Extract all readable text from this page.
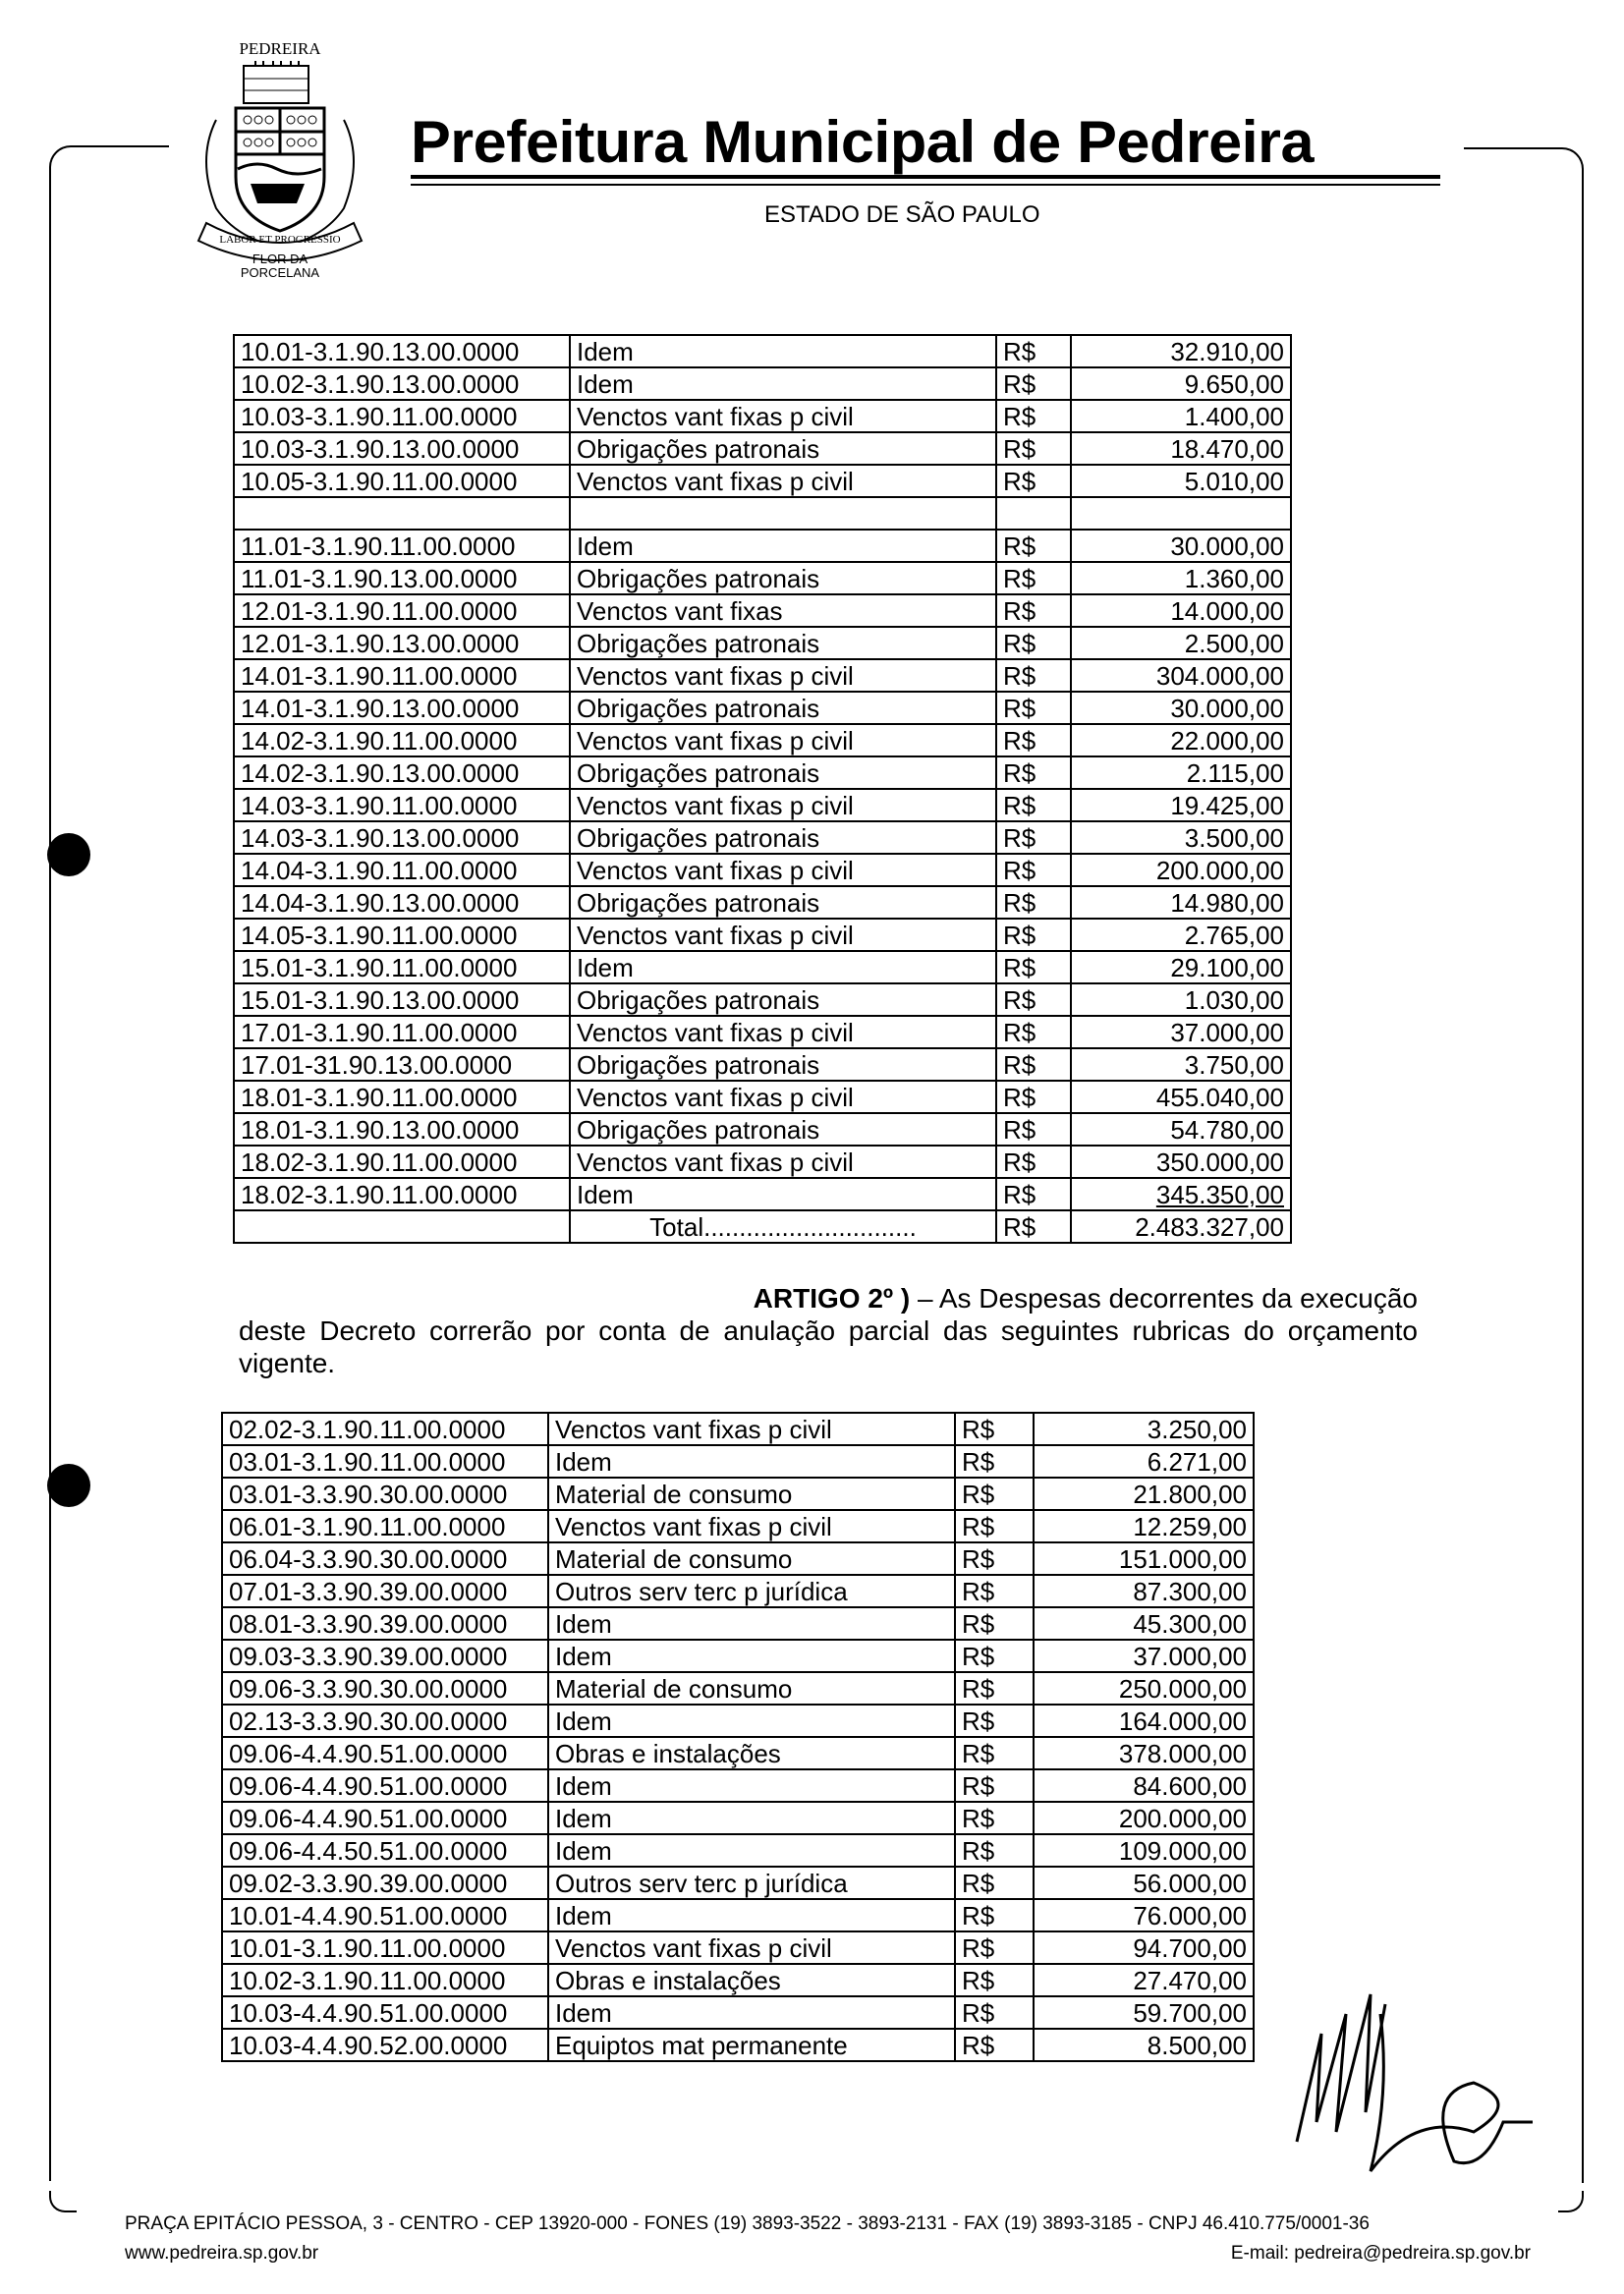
PEDREIRA
LABOR ET PROGRESSIO
FLOR DA
PORCELANA
Prefeitura Municipal de Pedreira
ESTADO DE SÃO PAULO
10.01-3.1.90.13.00.0000	Idem	R$	32.910,00
10.02-3.1.90.13.00.0000	Idem	R$	9.650,00
10.03-3.1.90.11.00.0000	Venctos vant fixas p civil	R$	1.400,00
10.03-3.1.90.13.00.0000	Obrigações patronais	R$	18.470,00
10.05-3.1.90.11.00.0000	Venctos vant fixas p civil	R$	5.010,00

11.01-3.1.90.11.00.0000	Idem	R$	30.000,00
11.01-3.1.90.13.00.0000	Obrigações patronais	R$	1.360,00
12.01-3.1.90.11.00.0000	Venctos vant fixas	R$	14.000,00
12.01-3.1.90.13.00.0000	Obrigações patronais	R$	2.500,00
14.01-3.1.90.11.00.0000	Venctos vant fixas p civil	R$	304.000,00
14.01-3.1.90.13.00.0000	Obrigações patronais	R$	30.000,00
14.02-3.1.90.11.00.0000	Venctos vant fixas p civil	R$	22.000,00
14.02-3.1.90.13.00.0000	Obrigações patronais	R$	2.115,00
14.03-3.1.90.11.00.0000	Venctos vant fixas p civil	R$	19.425,00
14.03-3.1.90.13.00.0000	Obrigações patronais	R$	3.500,00
14.04-3.1.90.11.00.0000	Venctos vant fixas p civil	R$	200.000,00
14.04-3.1.90.13.00.0000	Obrigações patronais	R$	14.980,00
14.05-3.1.90.11.00.0000	Venctos vant fixas p civil	R$	2.765,00
15.01-3.1.90.11.00.0000	Idem	R$	29.100,00
15.01-3.1.90.13.00.0000	Obrigações patronais	R$	1.030,00
17.01-3.1.90.11.00.0000	Venctos vant fixas p civil	R$	37.000,00
17.01-31.90.13.00.0000	Obrigações patronais	R$	3.750,00
18.01-3.1.90.11.00.0000	Venctos vant fixas p civil	R$	455.040,00
18.01-3.1.90.13.00.0000	Obrigações patronais	R$	54.780,00
18.02-3.1.90.11.00.0000	Venctos vant fixas p civil	R$	350.000,00
18.02-3.1.90.11.00.0000	Idem	R$	345.350,00
	Total..............................	R$	2.483.327,00
ARTIGO 2º ) – As Despesas decorrentes da execução
deste Decreto correrão por conta de anulação parcial das seguintes rubricas do orçamento
vigente.
02.02-3.1.90.11.00.0000	Venctos vant fixas p civil	R$	3.250,00
03.01-3.1.90.11.00.0000	Idem	R$	6.271,00
03.01-3.3.90.30.00.0000	Material de consumo	R$	21.800,00
06.01-3.1.90.11.00.0000	Venctos vant fixas p civil	R$	12.259,00
06.04-3.3.90.30.00.0000	Material de consumo	R$	151.000,00
07.01-3.3.90.39.00.0000	Outros serv terc p jurídica	R$	87.300,00
08.01-3.3.90.39.00.0000	Idem	R$	45.300,00
09.03-3.3.90.39.00.0000	Idem	R$	37.000,00
09.06-3.3.90.30.00.0000	Material de consumo	R$	250.000,00
02.13-3.3.90.30.00.0000	Idem	R$	164.000,00
09.06-4.4.90.51.00.0000	Obras e instalações	R$	378.000,00
09.06-4.4.90.51.00.0000	Idem	R$	84.600,00
09.06-4.4.90.51.00.0000	Idem	R$	200.000,00
09.06-4.4.50.51.00.0000	Idem	R$	109.000,00
09.02-3.3.90.39.00.0000	Outros serv terc p jurídica	R$	56.000,00
10.01-4.4.90.51.00.0000	Idem	R$	76.000,00
10.01-3.1.90.11.00.0000	Venctos vant fixas p civil	R$	94.700,00
10.02-3.1.90.11.00.0000	Obras e instalações	R$	27.470,00
10.03-4.4.90.51.00.0000	Idem	R$	59.700,00
10.03-4.4.90.52.00.0000	Equiptos mat permanente	R$	8.500,00
PRAÇA EPITÁCIO PESSOA, 3 - CENTRO - CEP 13920-000 - FONES (19) 3893-3522 - 3893-2131 - FAX (19) 3893-3185 - CNPJ 46.410.775/0001-36
www.pedreira.sp.gov.br	E-mail: pedreira@pedreira.sp.gov.br
